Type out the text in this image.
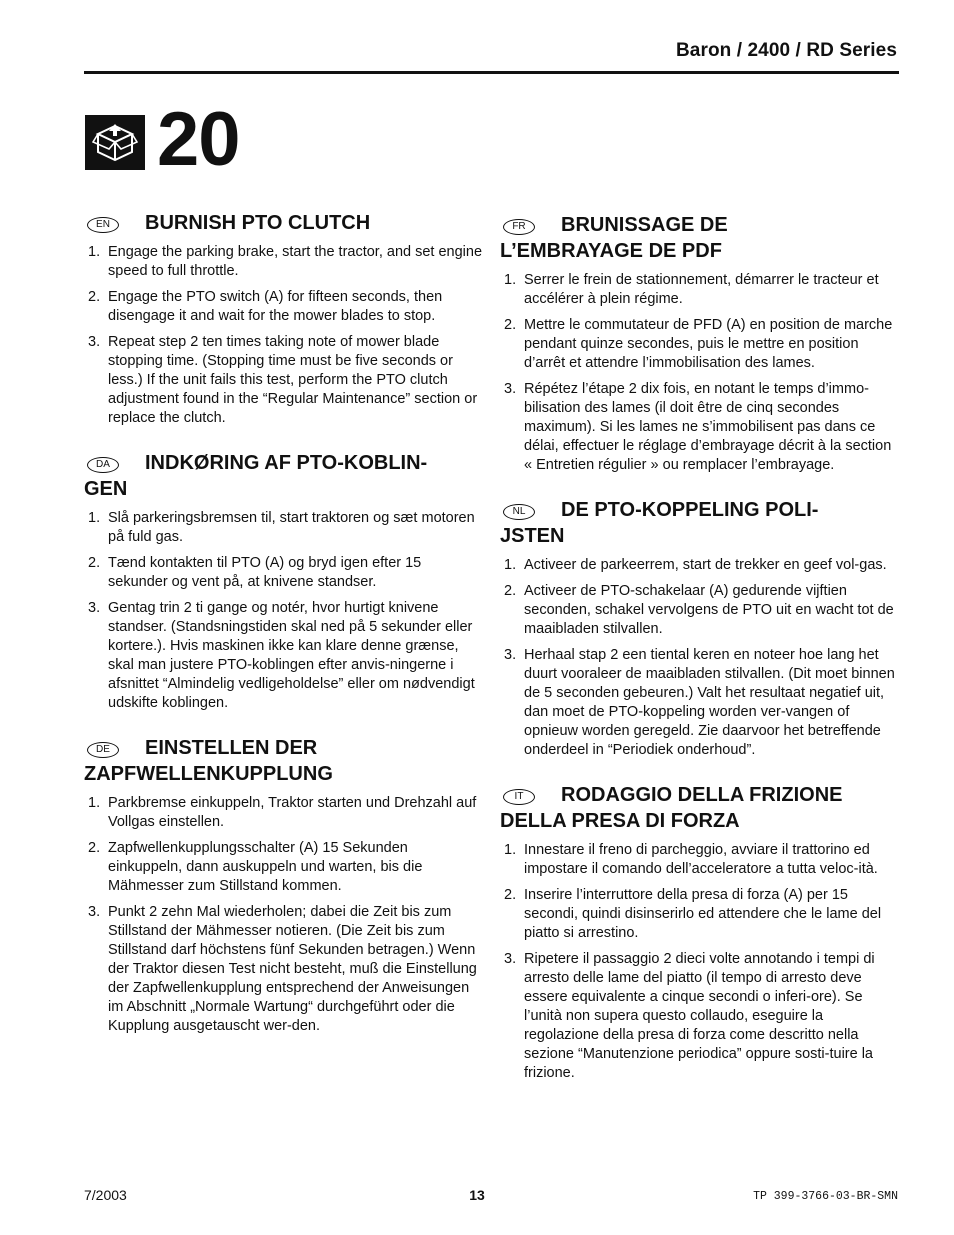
Baron / 2400 / RD Series
20
EN BURNISH PTO CLUTCH
1. Engage the parking brake, start the tractor, and set engine speed to full throttle.
2. Engage the PTO switch (A) for fifteen seconds, then disengage it and wait for the mower blades to stop.
3. Repeat step 2 ten times taking note of mower blade stopping time. (Stopping time must be five seconds or less.) If the unit fails this test, perform the PTO clutch adjustment found in the “Regular Maintenance” section or replace the clutch.
DA INDKØRING AF PTO-KOBLIN-
GEN
1. Slå parkeringsbremsen til, start traktoren og sæt motoren
på fuld gas.
2. Tænd kontakten til PTO (A) og bryd igen efter 15 sekunder og vent på, at knivene standser.
3. Gentag trin 2 ti gange og notér, hvor hurtigt knivene standser. (Standsningstiden skal ned på 5 sekunder eller kortere.). Hvis maskinen ikke kan klare denne grænse, skal man justere PTO-koblingen efter anvis-ningerne i afsnittet “Almindelig vedligeholdelse” eller om nødvendigt udskifte koblingen.
DE EINSTELLEN DER
ZAPFWELLENKUPPLUNG
1. Parkbremse einkuppeln, Traktor starten und Drehzahl auf Vollgas einstellen.
2. Zapfwellenkupplungsschalter (A) 15 Sekunden einkuppeln, dann auskuppeln und warten, bis die Mähmesser zum Stillstand kommen.
3. Punkt 2 zehn Mal wiederholen; dabei die Zeit bis zum Stillstand der Mähmesser notieren. (Die Zeit bis zum Stillstand darf höchstens fünf Sekunden betragen.) Wenn der Traktor diesen Test nicht besteht, muß die Einstellung der Zapfwellenkupplung entsprechend der Anweisungen im Abschnitt „Normale Wartung“ durchgeführt oder die Kupplung ausgetauscht wer-den.
FR BRUNISSAGE DE
L’EMBRAYAGE DE PDF
1. Serrer le frein de stationnement, démarrer le tracteur et accélérer à plein régime.
2. Mettre le commutateur de PFD (A) en position de marche pendant quinze secondes, puis le mettre en position d’arrêt et attendre l’immobilisation des lames.
3. Répétez l’étape 2 dix fois, en notant le temps d’immo-bilisation des lames (il doit être de cinq secondes maximum). Si les lames ne s’immobilisent pas dans ce délai, effectuer le réglage d’embrayage décrit à la section « Entretien régulier » ou remplacer l’embrayage.
NL DE PTO-KOPPELING POLI-
JSTEN
1. Activeer de parkeerrem, start de trekker en geef vol-gas.
2. Activeer de PTO-schakelaar (A) gedurende vijftien seconden, schakel vervolgens de PTO uit en wacht tot de maaibladen stilvallen.
3. Herhaal stap 2 een tiental keren en noteer hoe lang het duurt vooraleer de maaibladen stilvallen. (Dit moet binnen de 5 seconden gebeuren.) Valt het resultaat negatief uit, dan moet de PTO-koppeling worden ver-vangen of opnieuw worden geregeld. Zie daarvoor het betreffende onderdeel in “Periodiek onderhoud”.
IT RODAGGIO DELLA FRIZIONE
DELLA PRESA DI FORZA
1. Innestare il freno di parcheggio, avviare il trattorino ed impostare il comando dell’acceleratore a tutta veloc-ità.
2. Inserire l’interruttore della presa di forza (A) per 15 secondi, quindi disinserirlo ed attendere che le lame del piatto si arrestino.
3. Ripetere il passaggio 2 dieci volte annotando i tempi di arresto delle lame del piatto (il tempo di arresto deve essere equivalente a cinque secondi o inferi-ore). Se l’unità non supera questo collaudo, eseguire la regolazione della presa di forza come descritto nella sezione “Manutenzione periodica” oppure sosti-tuire la frizione.
7/2003	13	TP 399-3766-03-BR-SMN
